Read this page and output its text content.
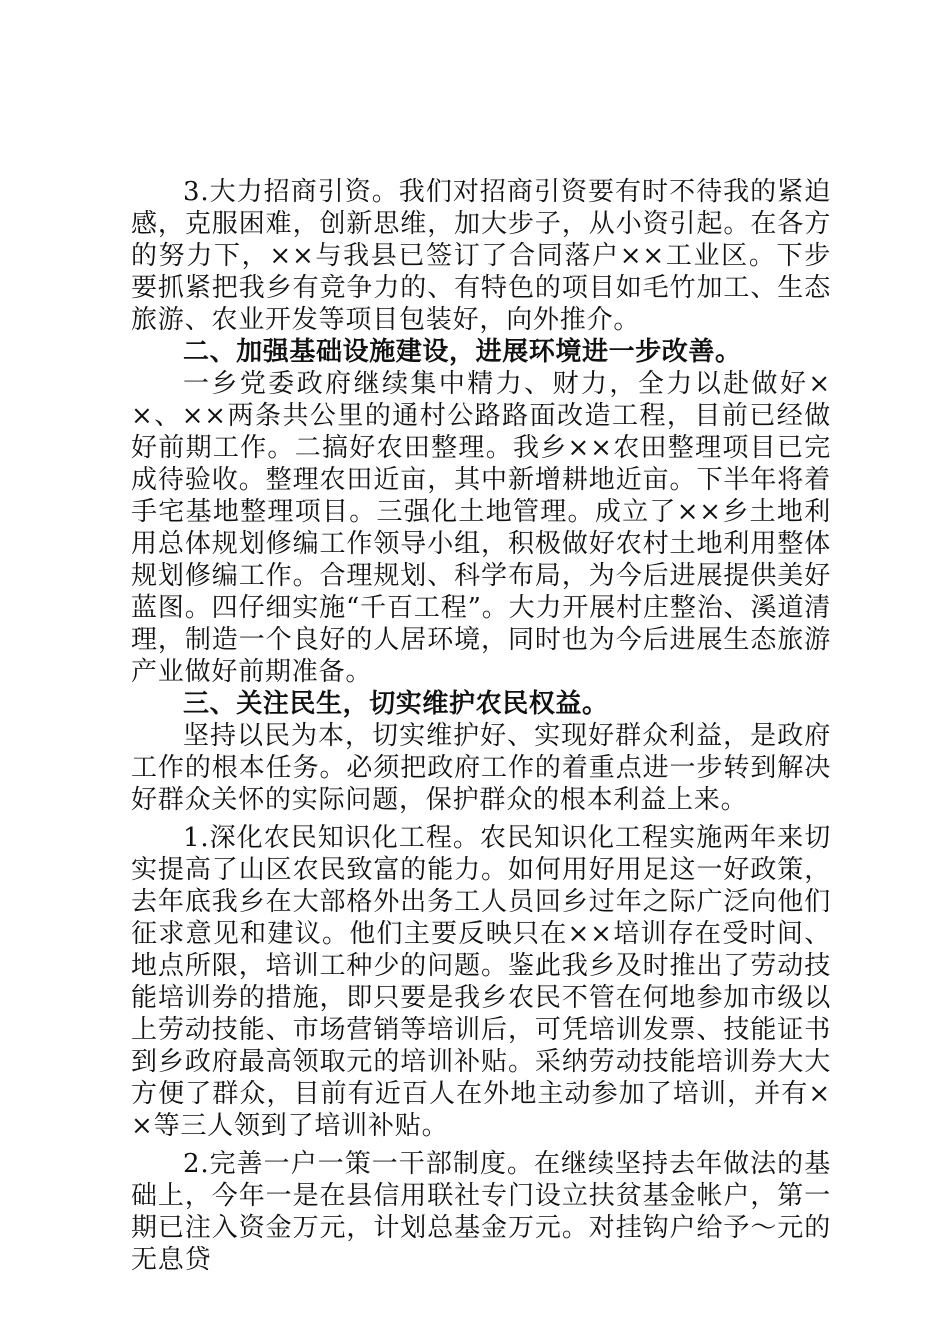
3.大力招商引资。我们对招商引资要有时不待我的紧迫感，克服困难，创新思维，加大步子，从小资引起。在各方的努力下，××与我县已签订了合同落户××工业区。下步要抓紧把我乡有竞争力的、有特色的项目如毛竹加工、生态旅游、农业开发等项目包装好，向外推介。

二、加强基础设施建设，进展环境进一步改善。

一乡党委政府继续集中精力、财力，全力以赴做好××、××两条共公里的通村公路路面改造工程，目前已经做好前期工作。二搞好农田整理。我乡××农田整理项目已完成待验收。整理农田近亩，其中新增耕地近亩。下半年将着手宅基地整理项目。三强化土地管理。成立了××乡土地利用总体规划修编工作领导小组，积极做好农村土地利用整体规划修编工作。合理规划、科学布局，为今后进展提供美好蓝图。四仔细实施“千百工程”。大力开展村庄整治、溪道清理，制造一个良好的人居环境，同时也为今后进展生态旅游产业做好前期准备。

三、关注民生，切实维护农民权益。

坚持以民为本，切实维护好、实现好群众利益，是政府工作的根本任务。必须把政府工作的着重点进一步转到解决好群众关怀的实际问题，保护群众的根本利益上来。

1.深化农民知识化工程。农民知识化工程实施两年来切实提高了山区农民致富的能力。如何用好用足这一好政策，去年底我乡在大部格外出务工人员回乡过年之际广泛向他们征求意见和建议。他们主要反映只在××培训存在受时间、地点所限，培训工种少的问题。鉴此我乡及时推出了劳动技能培训券的措施，即只要是我乡农民不管在何地参加市级以上劳动技能、市场营销等培训后，可凭培训发票、技能证书到乡政府最高领取元的培训补贴。采纳劳动技能培训券大大方便了群众，目前有近百人在外地主动参加了培训，并有××等三人领到了培训补贴。

2.完善一户一策一干部制度。在继续坚持去年做法的基础上，今年一是在县信用联社专门设立扶贫基金帐户，第一期已注入资金万元，计划总基金万元。对挂钩户给予～元的无息贷
